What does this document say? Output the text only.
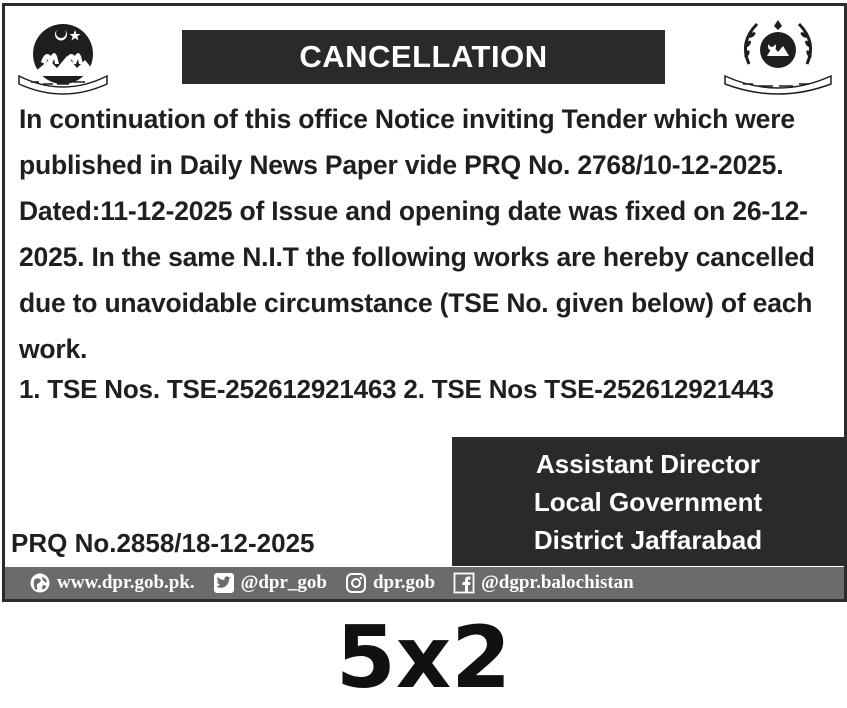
CANCELLATION
In continuation of this office Notice inviting Tender which were
published in Daily News Paper vide PRQ No. 2768/10-12-2025.
Dated:11-12-2025 of Issue and opening date was fixed on 26-12-
2025. In the same N.I.T the following works are hereby cancelled
due to unavoidable circumstance (TSE No. given below) of each
work.
1. TSE Nos. TSE-252612921463 2. TSE Nos TSE-252612921443
Assistant Director
Local Government
District Jaffarabad
PRQ No.2858/18-12-2025
www.dpr.gob.pk. @dpr_gob dpr.gob @dgpr.balochistan
5x2
